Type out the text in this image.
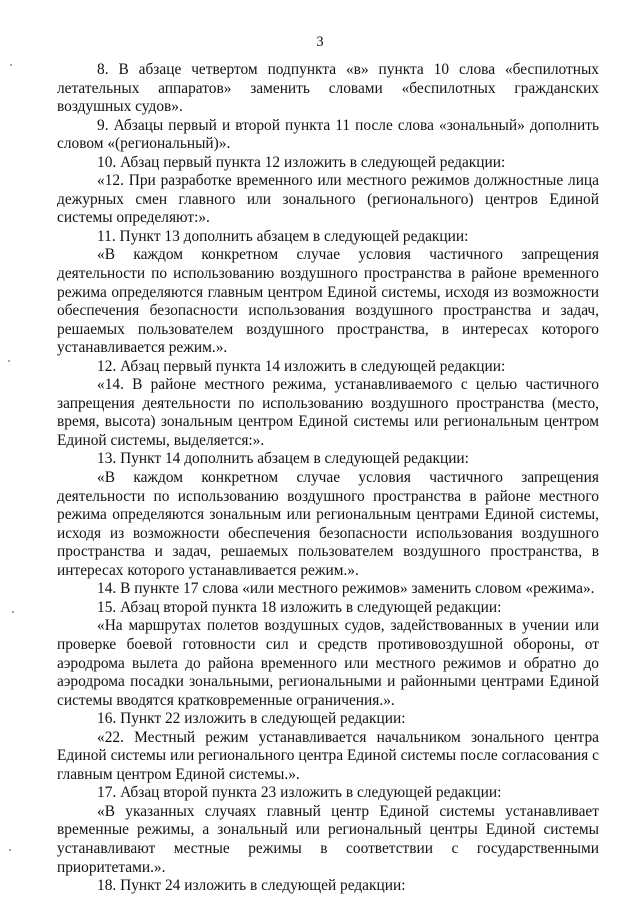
3

8. В абзаце четвертом подпункта «в» пункта 10 слова «беспилотных летательных аппаратов» заменить словами «беспилотных гражданских воздушных судов».

9. Абзацы первый и второй пункта 11 после слова «зональный» дополнить словом «(региональный)».

10. Абзац первый пункта 12 изложить в следующей редакции:

«12. При разработке временного или местного режимов должностные лица дежурных смен главного или зонального (регионального) центров Единой системы определяют:».

11. Пункт 13 дополнить абзацем в следующей редакции:

«В каждом конкретном случае условия частичного запрещения деятельности по использованию воздушного пространства в районе временного режима определяются главным центром Единой системы, исходя из возможности обеспечения безопасности использования воздушного пространства и задач, решаемых пользователем воздушного пространства, в интересах которого устанавливается режим.».

12. Абзац первый пункта 14 изложить в следующей редакции:

«14. В районе местного режима, устанавливаемого с целью частичного запрещения деятельности по использованию воздушного пространства (место, время, высота) зональным центром Единой системы или региональным центром Единой системы, выделяется:».

13. Пункт 14 дополнить абзацем в следующей редакции:

«В каждом конкретном случае условия частичного запрещения деятельности по использованию воздушного пространства в районе местного режима определяются зональным или региональным центрами Единой системы, исходя из возможности обеспечения безопасности использования воздушного пространства и задач, решаемых пользователем воздушного пространства, в интересах которого устанавливается режим.».

14. В пункте 17 слова «или местного режимов» заменить словом «режима».

15. Абзац второй пункта 18 изложить в следующей редакции:

«На маршрутах полетов воздушных судов, задействованных в учении или проверке боевой готовности сил и средств противовоздушной обороны, от аэродрома вылета до района временного или местного режимов и обратно до аэродрома посадки зональными, региональными и районными центрами Единой системы вводятся кратковременные ограничения.».

16. Пункт 22 изложить в следующей редакции:

«22. Местный режим устанавливается начальником зонального центра Единой системы или регионального центра Единой системы после согласования с главным центром Единой системы.».

17. Абзац второй пункта 23 изложить в следующей редакции:

«В указанных случаях главный центр Единой системы устанавливает временные режимы, а зональный или региональный центры Единой системы устанавливают местные режимы в соответствии с государственными приоритетами.».

18. Пункт 24 изложить в следующей редакции:
